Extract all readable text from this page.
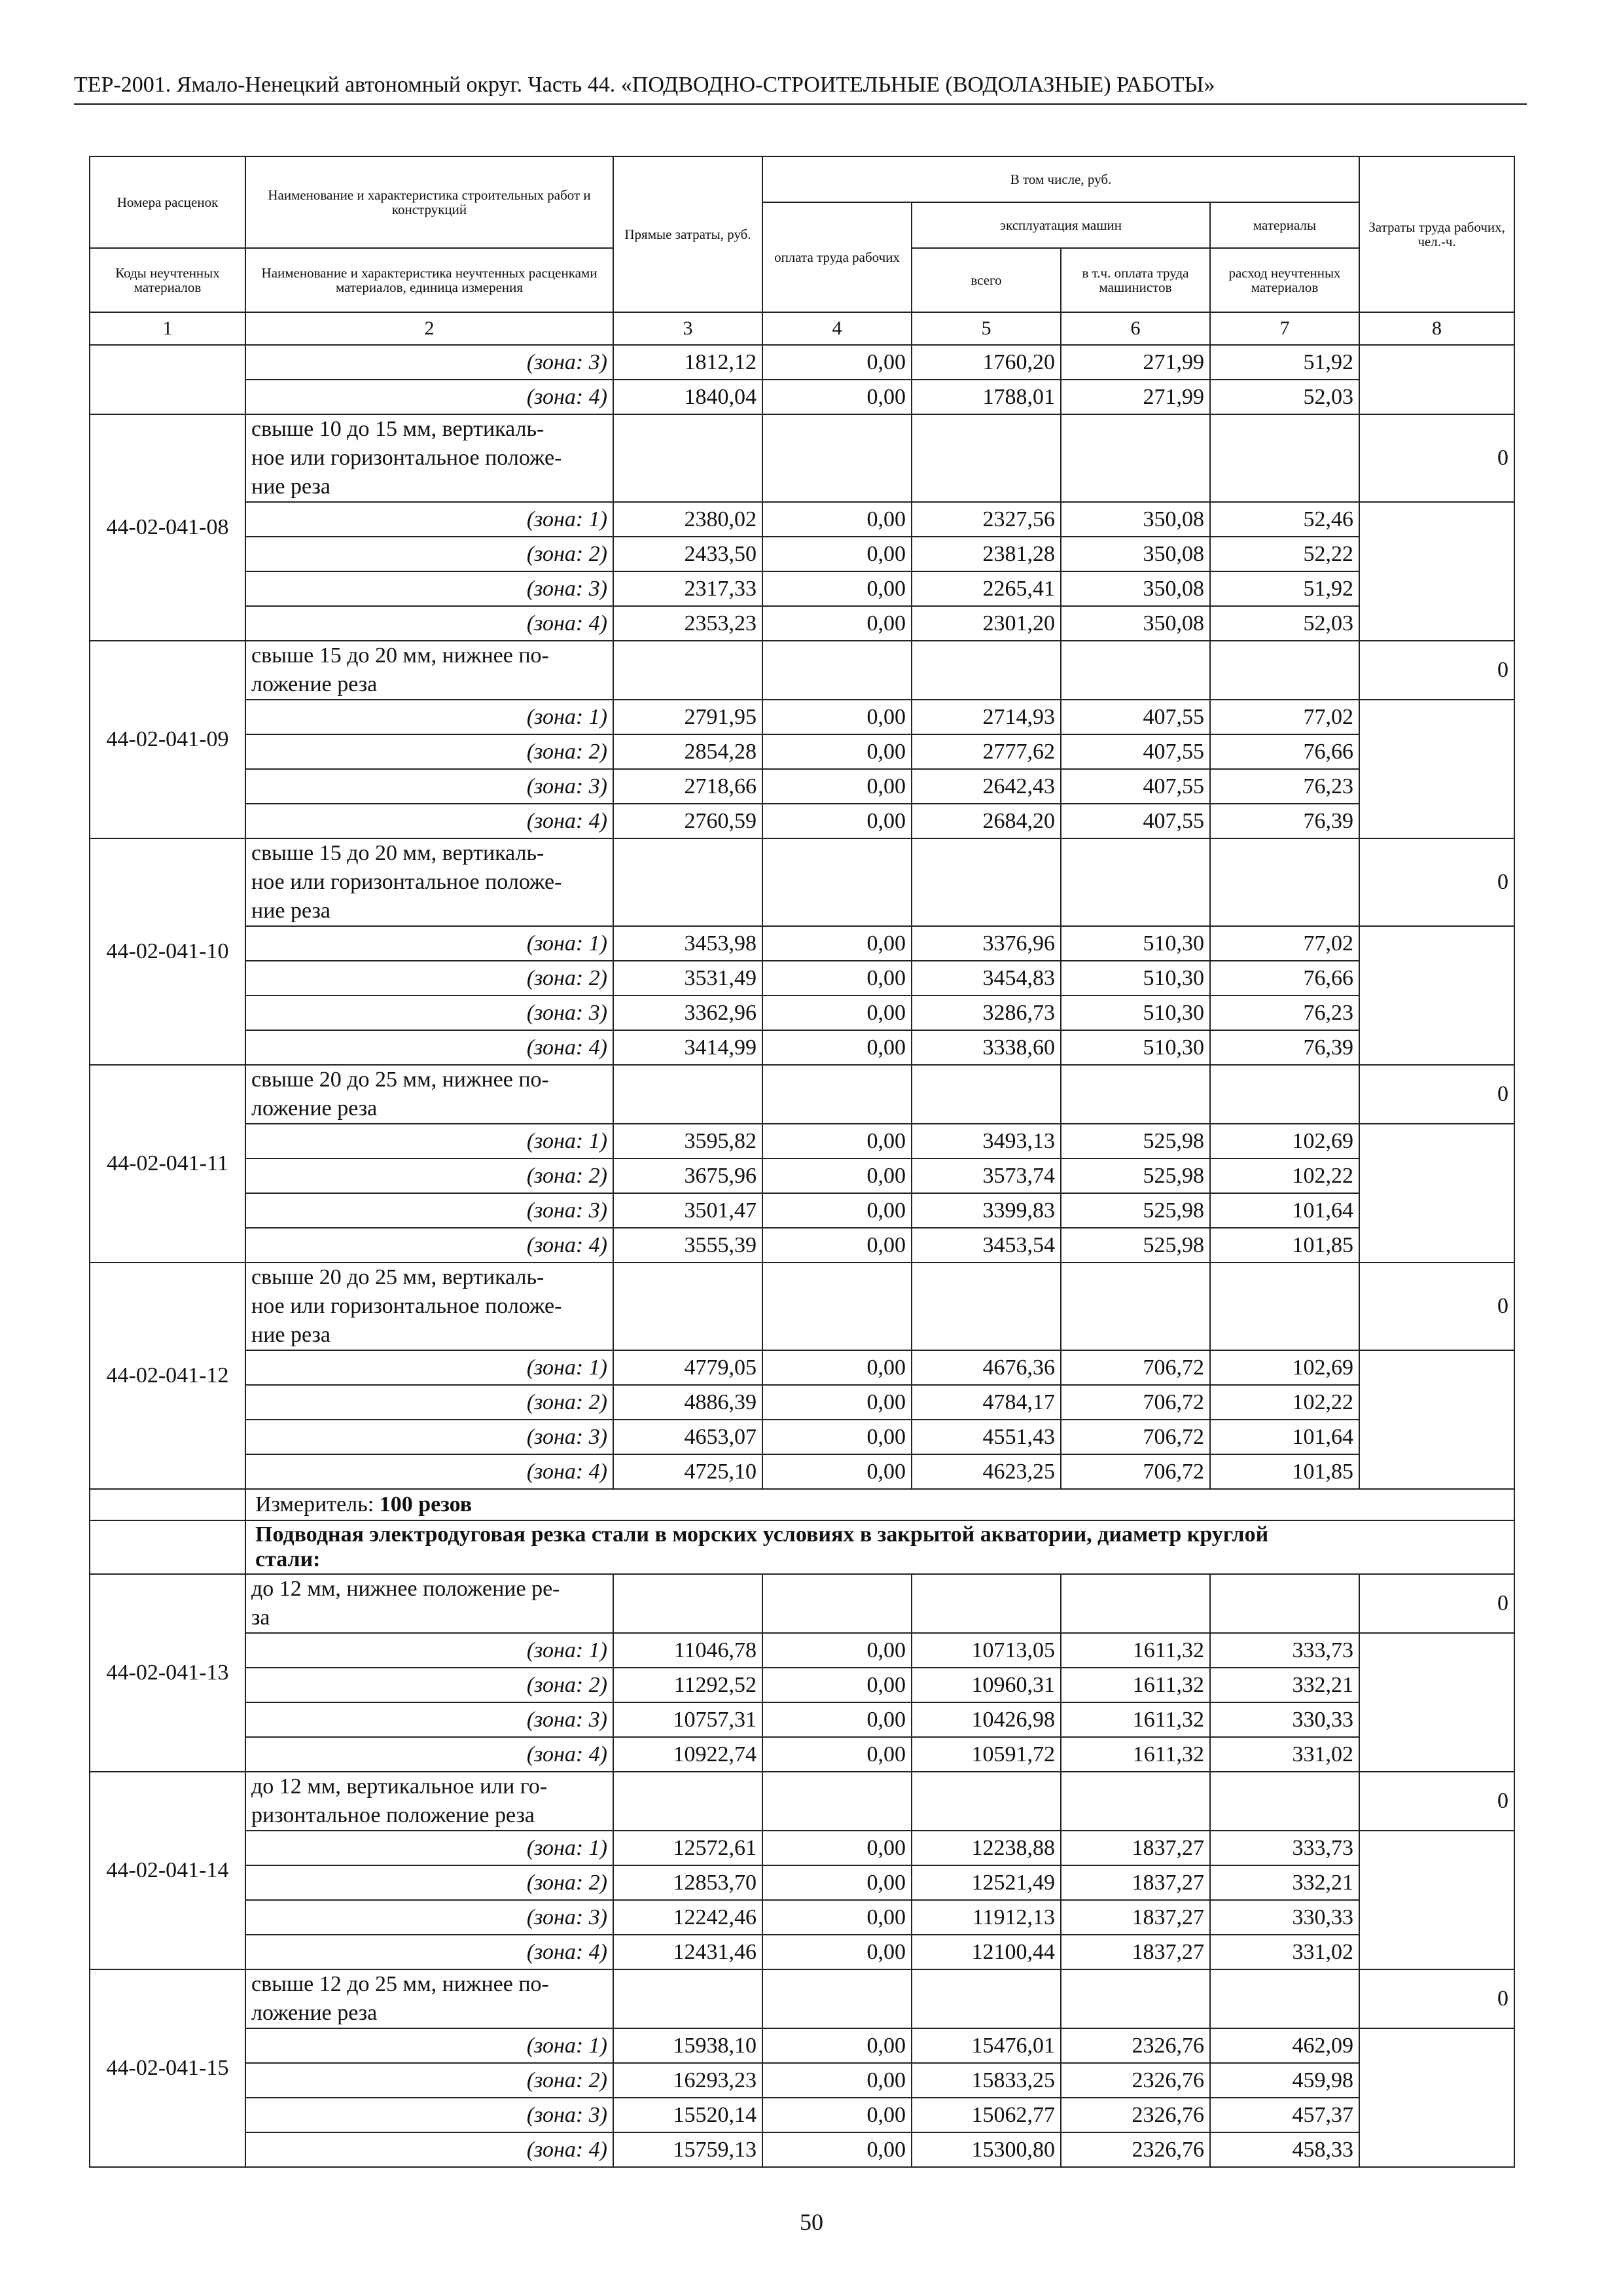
ТЕР-2001. Ямало-Ненецкий автономный округ. Часть 44. «ПОДВОДНО-СТРОИТЕЛЬНЫЕ (ВОДОЛАЗНЫЕ) РАБОТЫ»
Номера расценок	Наименование и характеристика строительных работ и конструкций	Прямые затраты, руб.	В том числе, руб.				Затраты труда рабочих, чел.-ч.
			оплата труда рабочих	эксплуатация машин		материалы	
Коды неучтенных материалов	Наименование и характеристика неучтенных расценками материалов, единица измерения			всего	в т.ч. оплата труда машинистов	расход неучтенных материалов	
1	2	3	4	5	6	7	8
	(зона: 3)	1812,12	0,00	1760,20	271,99	51,92	
	(зона: 4)	1840,04	0,00	1788,01	271,99	52,03	
44-02-041-08	свыше 10 до 15 мм, вертикаль-						0
	ное или горизонтальное положе-						
	ние реза						
	(зона: 1)	2380,02	0,00	2327,56	350,08	52,46	
	(зона: 2)	2433,50	0,00	2381,28	350,08	52,22	
	(зона: 3)	2317,33	0,00	2265,41	350,08	51,92	
	(зона: 4)	2353,23	0,00	2301,20	350,08	52,03	
44-02-041-09	свыше 15 до 20 мм, нижнее по-						0
	ложение реза						
	(зона: 1)	2791,95	0,00	2714,93	407,55	77,02	
	(зона: 2)	2854,28	0,00	2777,62	407,55	76,66	
	(зона: 3)	2718,66	0,00	2642,43	407,55	76,23	
	(зона: 4)	2760,59	0,00	2684,20	407,55	76,39	
44-02-041-10	свыше 15 до 20 мм, вертикаль-						0
	ное или горизонтальное положе-						
	ние реза						
	(зона: 1)	3453,98	0,00	3376,96	510,30	77,02	
	(зона: 2)	3531,49	0,00	3454,83	510,30	76,66	
	(зона: 3)	3362,96	0,00	3286,73	510,30	76,23	
	(зона: 4)	3414,99	0,00	3338,60	510,30	76,39	
44-02-041-11	свыше 20 до 25 мм, нижнее по-						0
	ложение реза						
	(зона: 1)	3595,82	0,00	3493,13	525,98	102,69	
	(зона: 2)	3675,96	0,00	3573,74	525,98	102,22	
	(зона: 3)	3501,47	0,00	3399,83	525,98	101,64	
	(зона: 4)	3555,39	0,00	3453,54	525,98	101,85	
44-02-041-12	свыше 20 до 25 мм, вертикаль-						0
	ное или горизонтальное положе-						
	ние реза						
	(зона: 1)	4779,05	0,00	4676,36	706,72	102,69	
	(зона: 2)	4886,39	0,00	4784,17	706,72	102,22	
	(зона: 3)	4653,07	0,00	4551,43	706,72	101,64	
	(зона: 4)	4725,10	0,00	4623,25	706,72	101,85	
	Измеритель: 100 резов						

	Подводная электродуговая резка стали в морских условиях в закрытой акватории, диаметр круглой
стали:						

44-02-041-13	до 12 мм, нижнее положение ре-						0
	за						
	(зона: 1)	11046,78	0,00	10713,05	1611,32	333,73	
	(зона: 2)	11292,52	0,00	10960,31	1611,32	332,21	
	(зона: 3)	10757,31	0,00	10426,98	1611,32	330,33	
	(зона: 4)	10922,74	0,00	10591,72	1611,32	331,02	
44-02-041-14	до 12 мм, вертикальное или го-						0
	ризонтальное положение реза						
	(зона: 1)	12572,61	0,00	12238,88	1837,27	333,73	
	(зона: 2)	12853,70	0,00	12521,49	1837,27	332,21	
	(зона: 3)	12242,46	0,00	11912,13	1837,27	330,33	
	(зона: 4)	12431,46	0,00	12100,44	1837,27	331,02	
44-02-041-15	свыше 12 до 25 мм, нижнее по-						0
	ложение реза						
	(зона: 1)	15938,10	0,00	15476,01	2326,76	462,09	
	(зона: 2)	16293,23	0,00	15833,25	2326,76	459,98	
	(зона: 3)	15520,14	0,00	15062,77	2326,76	457,37	
	(зона: 4)	15759,13	0,00	15300,80	2326,76	458,33	
50
